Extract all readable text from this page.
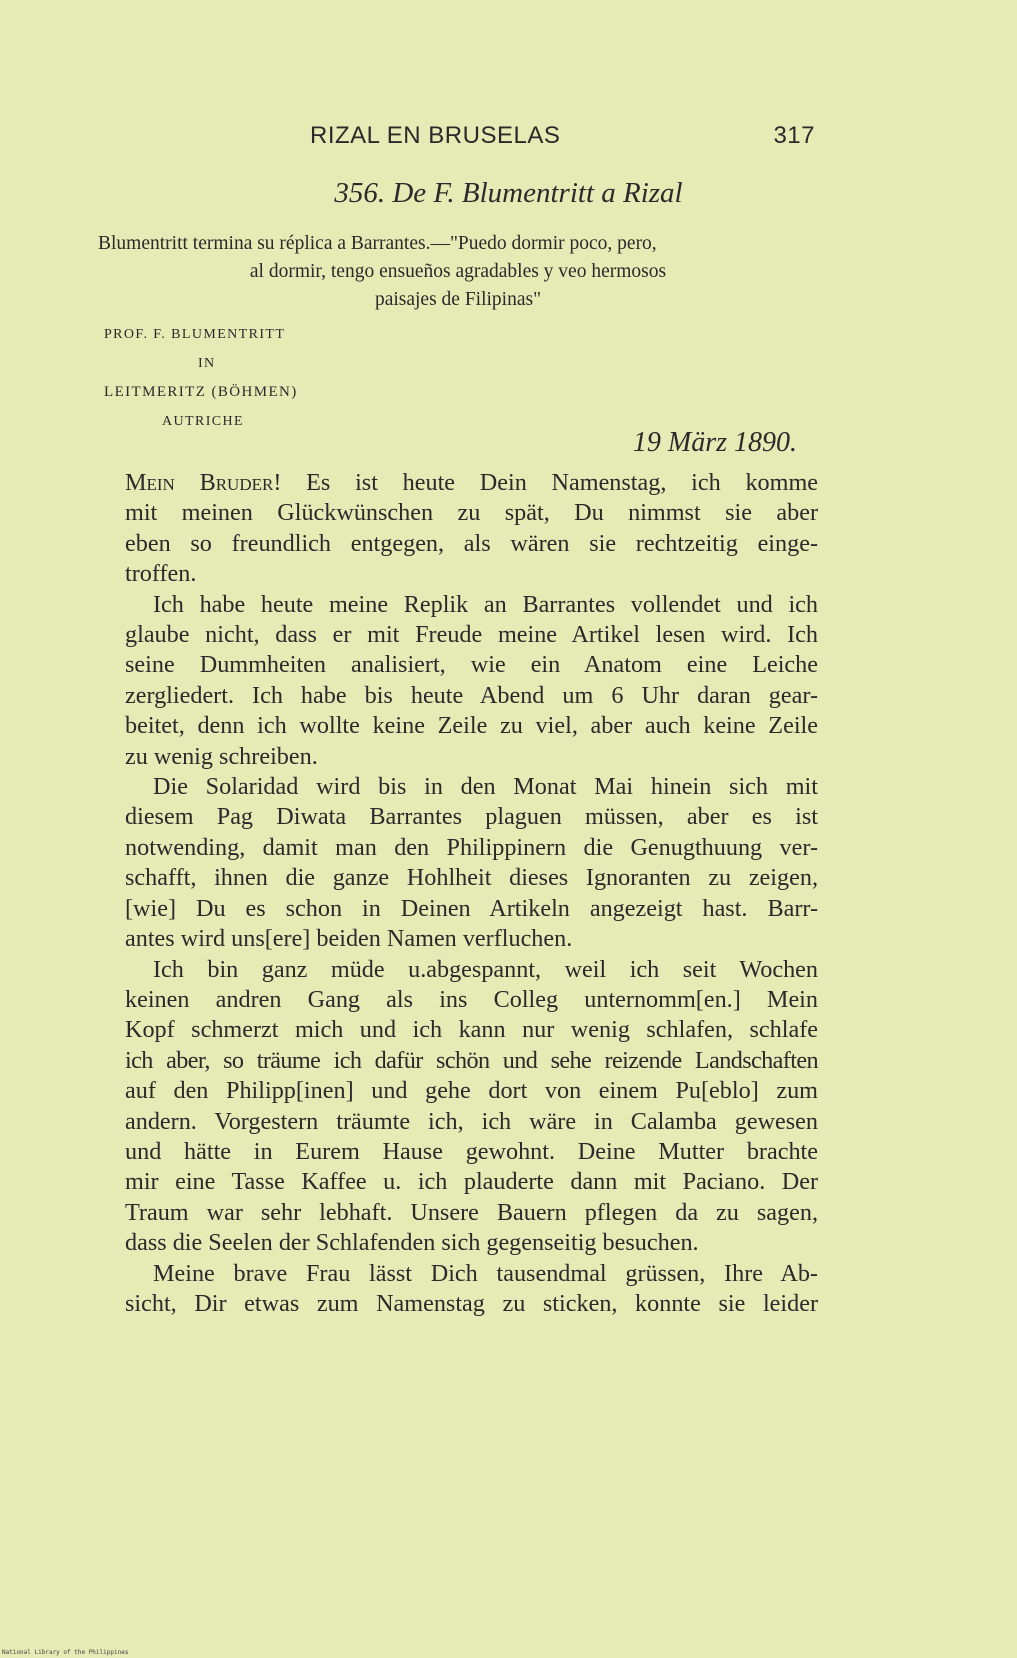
RIZAL EN BRUSELAS	317
356. De F. Blumentritt a Rizal
Blumentritt termina su réplica a Barrantes.—"Puedo dormir poco, pero,
al dormir, tengo ensueños agradables y veo hermosos
paisajes de Filipinas"
PROF. F. BLUMENTRITT
IN
LEITMERITZ (BÖHMEN)
AUTRICHE
19 März 1890.
Mein Bruder! Es ist heute Dein Namenstag, ich komme
mit meinen Glückwünschen zu spät, Du nimmst sie aber
eben so freundlich entgegen, als wären sie rechtzeitig einge-
troffen.
Ich habe heute meine Replik an Barrantes vollendet und ich
glaube nicht, dass er mit Freude meine Artikel lesen wird. Ich
seine Dummheiten analisiert, wie ein Anatom eine Leiche
zergliedert. Ich habe bis heute Abend um 6 Uhr daran gear-
beitet, denn ich wollte keine Zeile zu viel, aber auch keine Zeile
zu wenig schreiben.
Die Solaridad wird bis in den Monat Mai hinein sich mit
diesem Pag Diwata Barrantes plaguen müssen, aber es ist
notwending, damit man den Philippinern die Genugthuung ver-
schafft, ihnen die ganze Hohlheit dieses Ignoranten zu zeigen,
[wie] Du es schon in Deinen Artikeln angezeigt hast. Barr-
antes wird uns[ere] beiden Namen verfluchen.
Ich bin ganz müde u.abgespannt, weil ich seit Wochen
keinen andren Gang als ins Colleg unternomm[en.] Mein
Kopf schmerzt mich und ich kann nur wenig schlafen, schlafe
ich aber, so träume ich dafür schön und sehe reizende Landschaften
auf den Philipp[inen] und gehe dort von einem Pu[eblo] zum
andern. Vorgestern träumte ich, ich wäre in Calamba gewesen
und hätte in Eurem Hause gewohnt. Deine Mutter brachte
mir eine Tasse Kaffee u. ich plauderte dann mit Paciano. Der
Traum war sehr lebhaft. Unsere Bauern pflegen da zu sagen,
dass die Seelen der Schlafenden sich gegenseitig besuchen.
Meine brave Frau lässt Dich tausendmal grüssen, Ihre Ab-
sicht, Dir etwas zum Namenstag zu sticken, konnte sie leider
National Library of the Philippines
